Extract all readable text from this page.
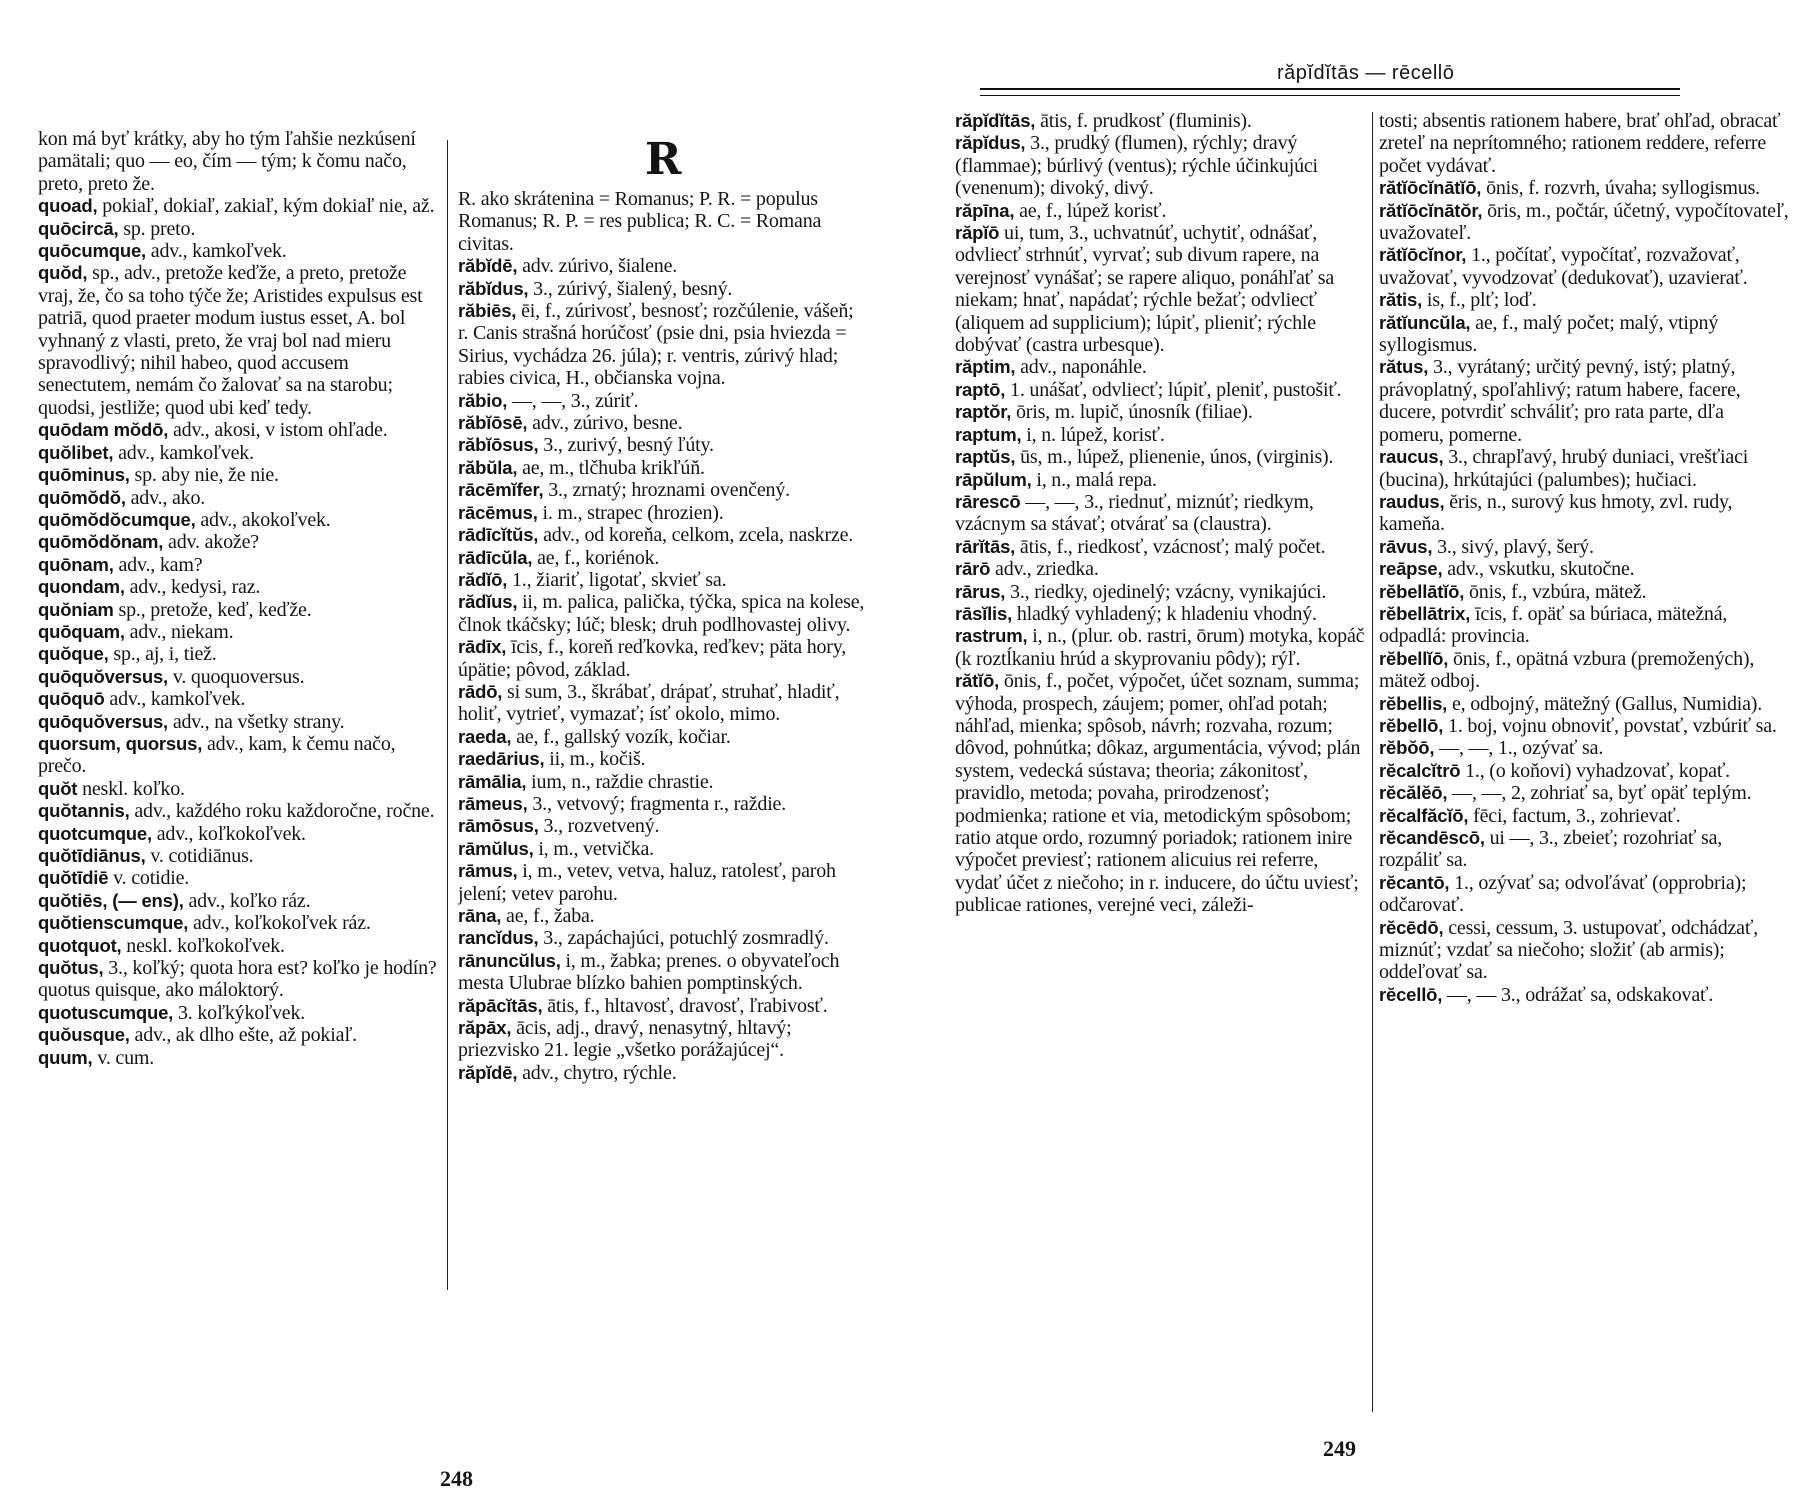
kon má byť krátky, aby ho tým ľahšie nezkúsení pamätali; quo — eo, čím — tým; k čomu načo, preto, preto že.

quoad, pokiaľ, dokiaľ, zakiaľ, kým dokiaľ nie, až.

quōcircā, sp. preto.

quōcumque, adv., kamkoľvek.

quŏd, sp., adv., pretože keďže, a preto, pretože vraj, že, čo sa toho týče že; Aristides expulsus est patriā, quod praeter modum iustus esset, A. bol vyhnaný z vlasti, preto, že vraj bol nad mieru spravodlivý; nihil habeo, quod accusem senectutem, nemám čo žalovať sa na starobu; quodsi, jestliže; quod ubi keď tedy.

quōdam mŏdō, adv., akosi, v istom ohľade.

quŏlibet, adv., kamkoľvek.

quōminus, sp. aby nie, že nie.

quōmŏdŏ, adv., ako.

quōmŏdŏcumque, adv., akokoľvek.

quōmŏdŏnam, adv. akože?

quōnam, adv., kam?

quondam, adv., kedysi, raz.

quŏniam sp., pretože, keď, keďže.

quōquam, adv., niekam.

quŏque, sp., aj, i, tiež.

quōquŏversus, v. quoquoversus.

quōquō adv., kamkoľvek.

quōquŏversus, adv., na všetky strany.

quorsum, quorsus, adv., kam, k čemu načo, prečo.

quŏt neskl. koľko.

quŏtannis, adv., každého roku každoročne, ročne.

quotcumque, adv., koľkokoľvek.

quŏtīdiānus, v. cotidiānus.

quŏtīdiē v. cotidie.

quŏtiēs, (— ens), adv., koľko ráz.

quŏtienscumque, adv., koľkokoľvek ráz.

quotquot, neskl. koľkokoľvek.

quŏtus, 3., koľký; quota hora est? koľko je hodín? quotus quisque, ako máloktorý.

quotuscumque, 3. koľkýkoľvek.

quŏusque, adv., ak dlho ešte, až pokiaľ.

quum, v. cum.

R

R. ako skrátenina = Romanus; P. R. = populus Romanus; R. P. = res publica; R. C. = Romana civitas.

răbĭdē, adv. zúrivo, šialene.

răbĭdus, 3., zúrivý, šialený, besný.

răbiēs, ēi, f., zúrivosť, besnosť; rozčúlenie, vášeň; r. Canis strašná horúčosť (psie dni, psia hviezda = Sirius, vychádza 26. júla); r. ventris, zúrivý hlad; rabies civica, H., občianska vojna.

răbio, —, —, 3., zúriť.

răbĭōsē, adv., zúrivo, besne.

răbĭōsus, 3., zurivý, besný ľúty.

răbŭla, ae, m., tlčhuba krikľúň.

rācēmĭfer, 3., zrnatý; hroznami ovenčený.

rācēmus, i. m., strapec (hrozien).

rādīcĭtŭs, adv., od koreňa, celkom, zcela, naskrze.

rādīcŭla, ae, f., koriénok.

rădĭō, 1., žiariť, ligotať, skvieť sa.

rădĭus, ii, m. palica, palička, týčka, spica na kolese, člnok tkáčsky; lúč; blesk; druh podlhovastej olivy.

rādīx, īcis, f., koreň reďkovka, reďkev; päta hory, úpätie; pôvod, základ.

rādō, si sum, 3., škrábať, drápať, struhať, hladiť, holiť, vytrieť, vymazať; ísť okolo, mimo.

raeda, ae, f., gallský vozík, kočiar.

raedārius, ii, m., kočiš.

rāmālia, ium, n., raždie chrastie.

rāmeus, 3., vetvový; fragmenta r., raždie.

rāmōsus, 3., rozvetvený.

rāmŭlus, i, m., vetvička.

rāmus, i, m., vetev, vetva, haluz, ratolesť, paroh jelení; vetev parohu.

rāna, ae, f., žaba.

rancĭdus, 3., zapáchajúci, potuchlý zosmradlý.

rānuncŭlus, i, m., žabka; prenes. o obyvateľoch mesta Ulubrae blízko bahien pomptinských.

răpācĭtās, ātis, f., hltavosť, dravosť, ľrabivosť.

răpāx, ācis, adj., dravý, nenasytný, hltavý; priezvisko 21. legie „všetko porážajúcej“.

răpĭdē, adv., chytro, rýchle.

248
răpĭdĭtās — rēcellō

răpĭdĭtās, ātis, f. prudkosť (fluminis).

răpĭdus, 3., prudký (flumen), rýchly; dravý (flammae); búrlivý (ventus); rýchle účinkujúci (venenum); divoký, divý.

răpīna, ae, f., lúpež korisť.

răpĭō ui, tum, 3., uchvatnúť, uchytiť, odnášať, odvliecť strhnúť, vyrvať; sub divum rapere, na verejnosť vynášať; se rapere aliquo, ponáhľať sa niekam; hnať, napádať; rýchle bežať; odvliecť (aliquem ad supplicium); lúpiť, plieniť; rýchle dobývať (castra urbesque).

răptim, adv., naponáhle.

raptō, 1. unášať, odvliecť; lúpiť, pleniť, pustošiť.

raptŏr, ōris, m. lupič, únosník (filiae).

raptum, i, n. lúpež, korisť.

raptŭs, ūs, m., lúpež, plienenie, únos, (virginis).

rāpŭlum, i, n., malá repa.

rārescō —, —, 3., riednuť, miznúť; riedkym, vzácnym sa stávať; otvárať sa (claustra).

rārĭtās, ātis, f., riedkosť, vzácnosť; malý počet.

rārō adv., zriedka.

rārus, 3., riedky, ojedinelý; vzácny, vynikajúci.

rāsĭlis, hladký vyhladený; k hladeniu vhodný.

rastrum, i, n., (plur. ob. rastri, ōrum) motyka, kopáč (k roztĺkaniu hrúd a skyprovaniu pôdy); rýľ.

rătĭō, ōnis, f., počet, výpočet, účet soznam, summa; výhoda, prospech, záujem; pomer, ohľad potah; náhľad, mienka; spôsob, návrh; rozvaha, rozum; dôvod, pohnútka; dôkaz, argumentácia, vývod; plán system, vedecká sústava; theoria; zákonitosť, pravidlo, metoda; povaha, prirodzenosť; podmienka; ratione et via, metodickým spôsobom; ratio atque ordo, rozumný poriadok; rationem inire výpočet previesť; rationem alicuius rei referre, vydať účet z niečoho; in r. inducere, do účtu uviesť; publicae rationes, verejné veci, záleži-

tosti; absentis rationem habere, brať ohľad, obracať zreteľ na neprítomného; rationem reddere, referre počet vydávať.

rătĭōcĭnātĭō, ōnis, f. rozvrh, úvaha; syllogismus.

rătĭōcĭnātŏr, ōris, m., počtár, účetný, vypočítovateľ, uvažovateľ.

rătĭōcĭnor, 1., počítať, vypočítať, rozvažovať, uvažovať, vyvodzovať (dedukovať), uzavierať.

rătis, is, f., plť; loď.

rătĭuncŭla, ae, f., malý počet; malý, vtipný syllogismus.

rătus, 3., vyrátaný; určitý pevný, istý; platný, právoplatný, spoľahlivý; ratum habere, facere, ducere, potvrdiť schváliť; pro rata parte, dľa pomeru, pomerne.

raucus, 3., chrapľavý, hrubý duniaci, vrešťiaci (bucina), hrkútajúci (palumbes); hučiaci.

raudus, ĕris, n., surový kus hmoty, zvl. rudy, kameňa.

rāvus, 3., sivý, plavý, šerý.

reāpse, adv., vskutku, skutočne.

rĕbellātĭō, ōnis, f., vzbúra, mätež.

rĕbellātrix, īcis, f. opäť sa búriaca, mätežná, odpadlá: provincia.

rĕbellĭō, ōnis, f., opätná vzbura (premožených), mätež odboj.

rĕbellis, e, odbojný, mätežný (Gallus, Numidia).

rĕbellō, 1. boj, vojnu obnoviť, povstať, vzbúriť sa.

rĕbŏō, —, —, 1., ozývať sa.

rĕcalcĭtrō 1., (o koňovi) vyhadzovať, kopať.

rĕcălĕō, —, —, 2, zohriať sa, byť opäť teplým.

rĕcalfăcĭō, fēci, factum, 3., zohrievať.

rĕcandēscō, ui —, 3., zbeieť; rozohriať sa, rozpáliť sa.

rĕcantō, 1., ozývať sa; odvoľávať (opprobria); odčarovať.

rĕcēdō, cessi, cessum, 3. ustupovať, odchádzať, miznúť; vzdať sa niečoho; složiť (ab armis); oddeľovať sa.

rĕcellō, —, — 3., odrážať sa, odskakovať.

249
